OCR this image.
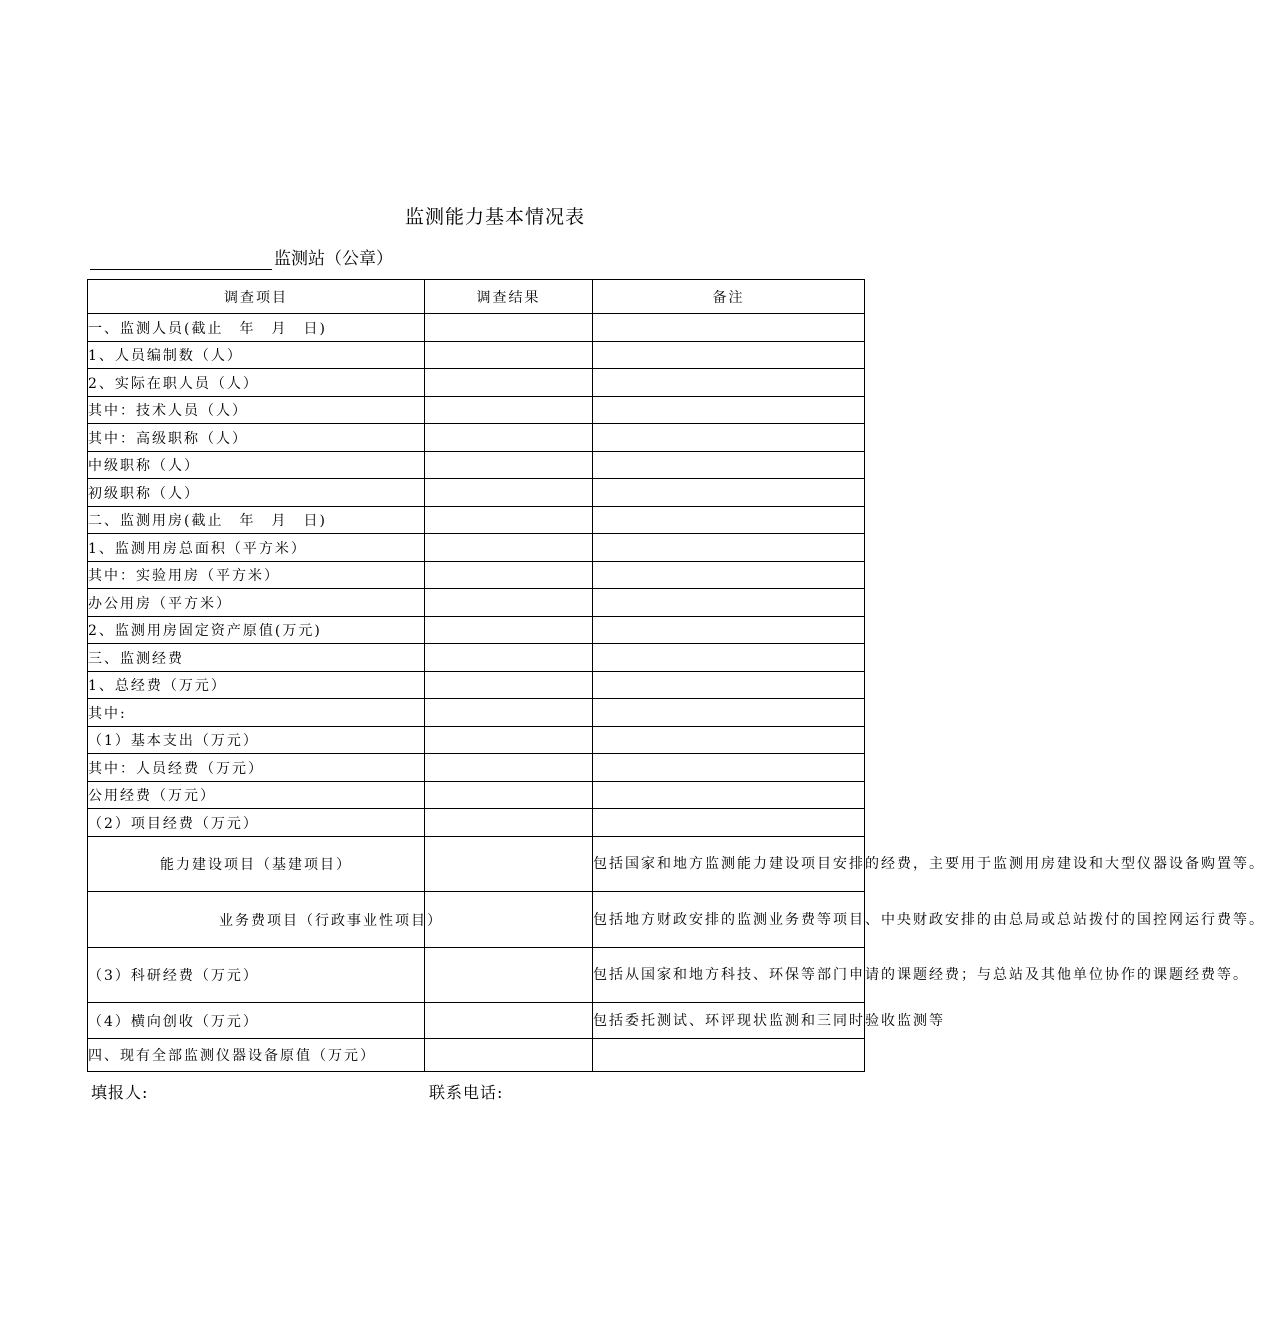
监测能力基本情况表
监测站（公章）
调查项目	调查结果	备注
一、监测人员(截止　年　月　日)		
1、人员编制数（人）		
2、实际在职人员（人）		
其中：技术人员（人）		
其中：高级职称（人）		
中级职称（人）		
初级职称（人）		
二、监测用房(截止　年　月　日)		
1、监测用房总面积（平方米）		
其中：实验用房（平方米）		
办公用房（平方米）		
2、监测用房固定资产原值(万元)		
三、监测经费		
1、总经费（万元）		
其中:		
（1）基本支出（万元）		
其中：人员经费（万元）		
公用经费（万元）		
（2）项目经费（万元）		
能力建设项目（基建项目）		包括国家和地方监测能力建设项目安排的经费，主要用于监测用房建设和大型仪器设备购置等。

业务费项目（行政事业性项目）		包括地方财政安排的监测业务费等项目、中央财政安排的由总局或总站拨付的国控网运行费等。
（3）科研经费（万元）		包括从国家和地方科技、环保等部门申请的课题经费；与总站及其他单位协作的课题经费等。
（4）横向创收（万元）		包括委托测试、环评现状监测和三同时验收监测等
四、现有全部监测仪器设备原值（万元）		
填报人:	联系电话:
